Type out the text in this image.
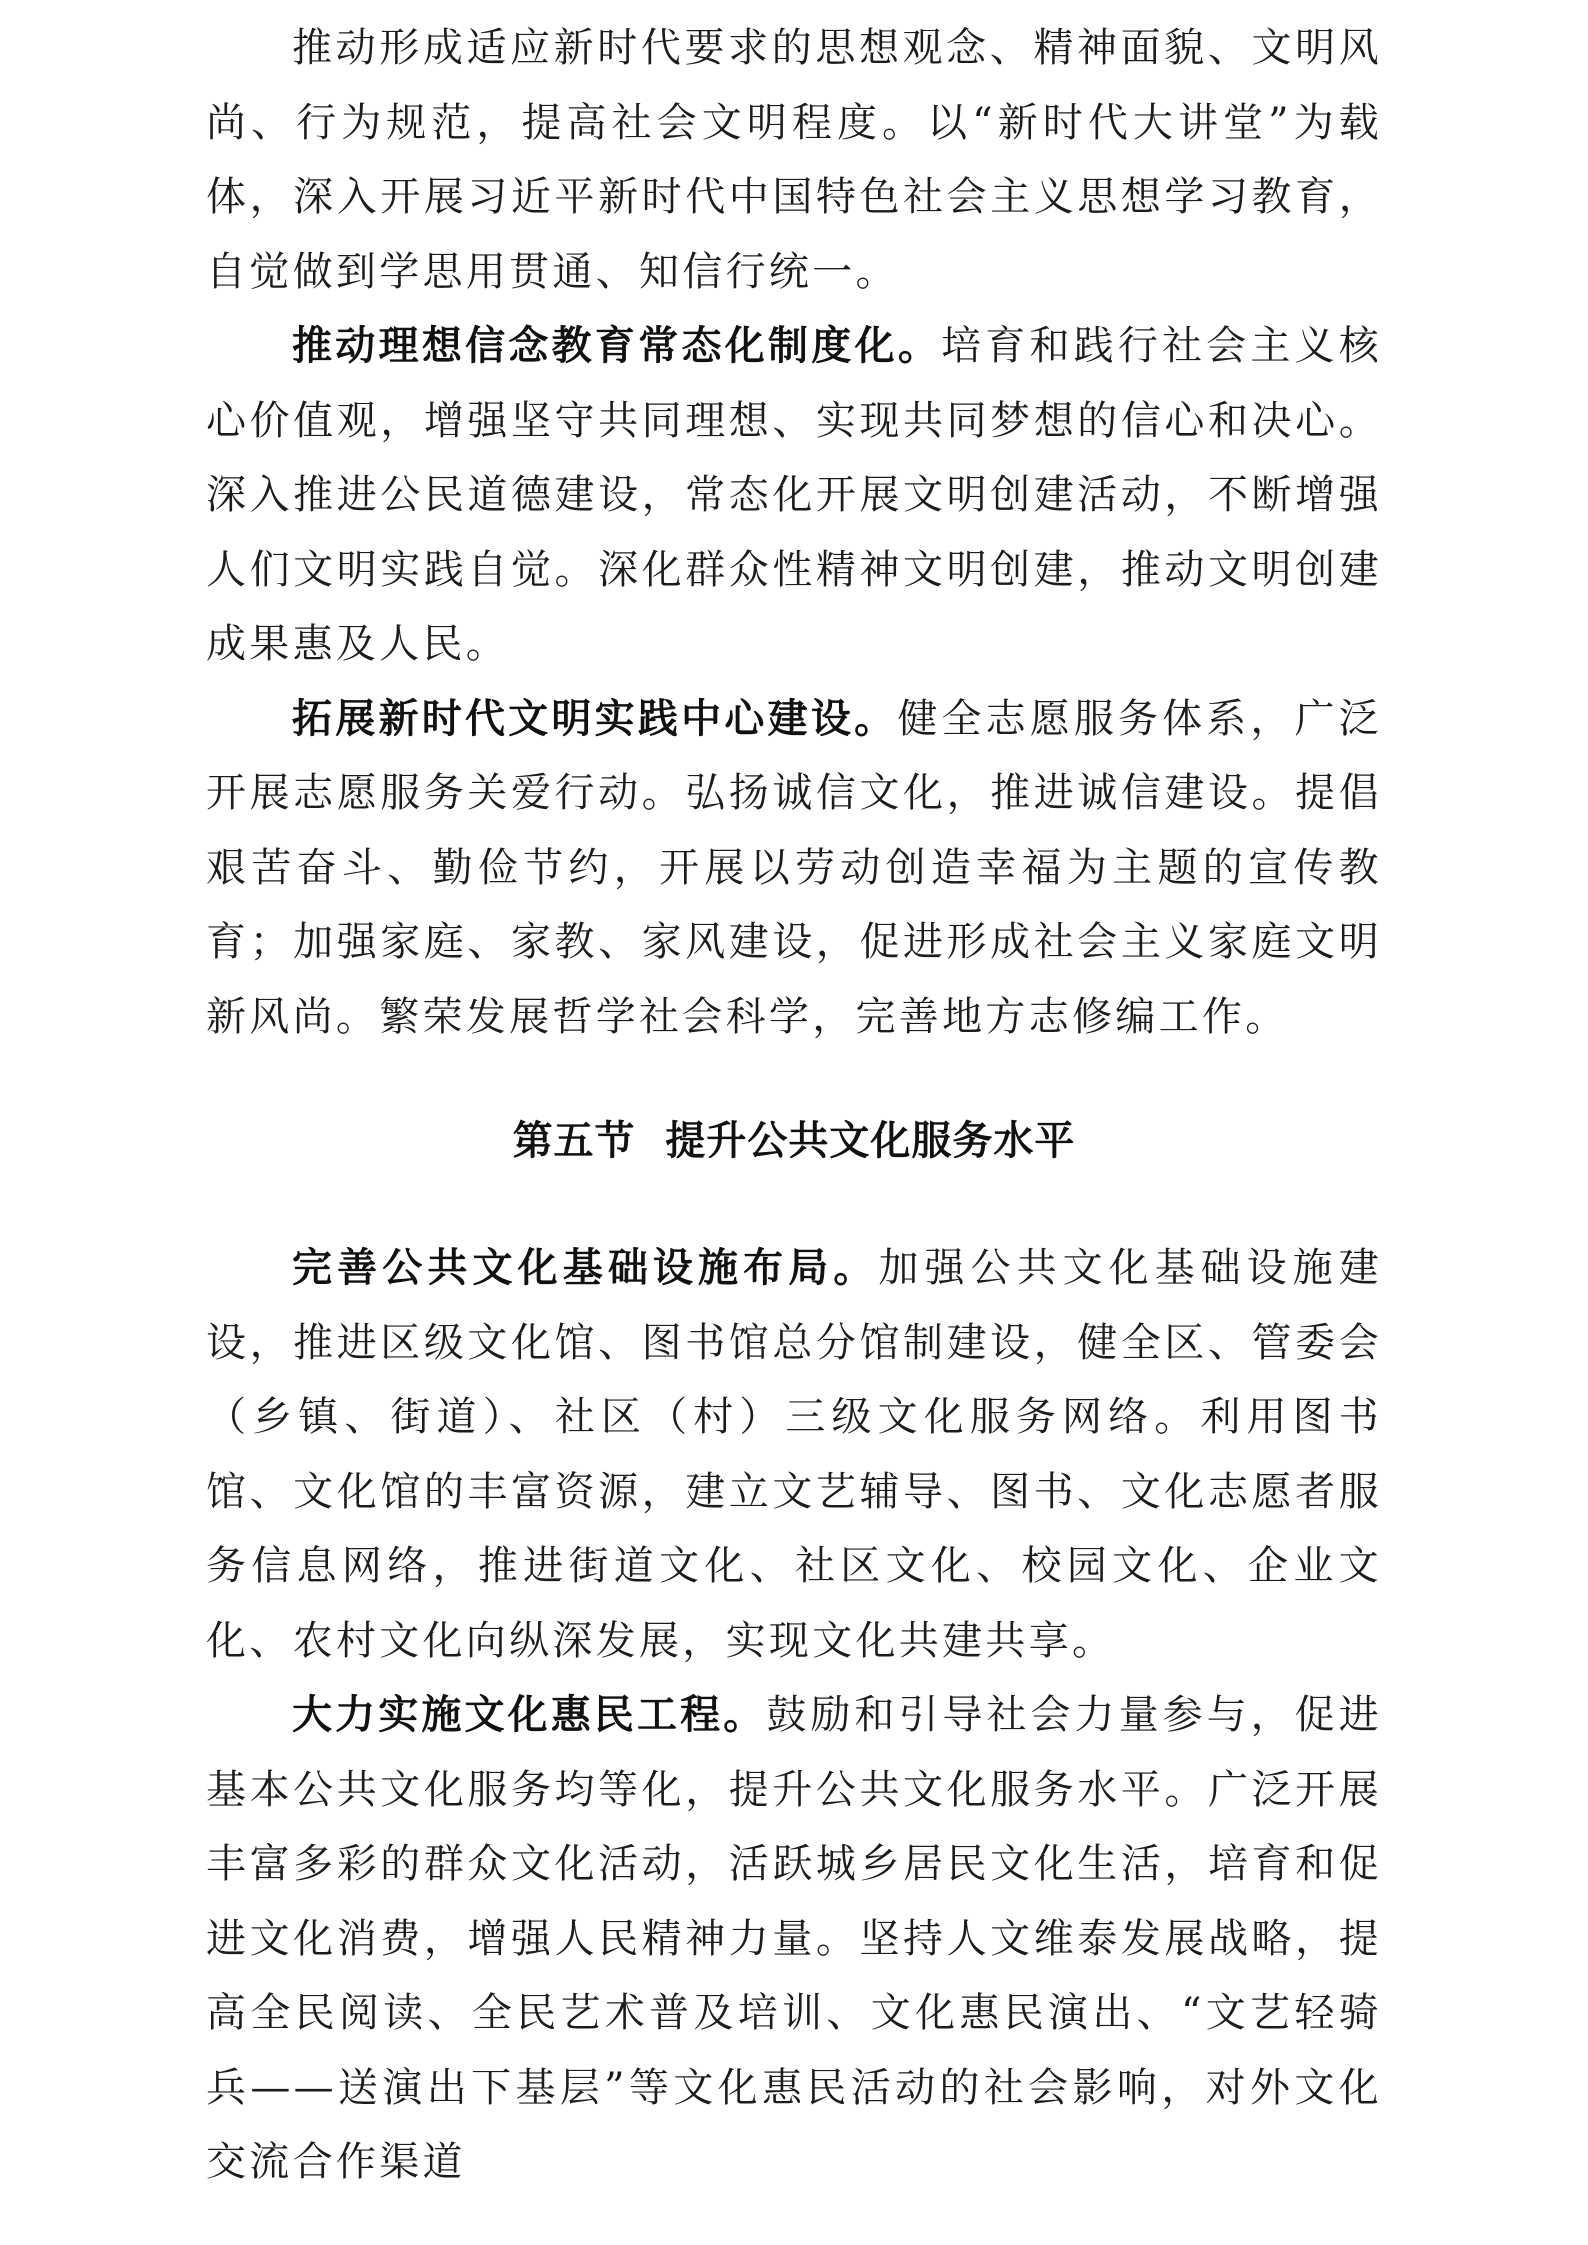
推动形成适应新时代要求的思想观念、精神面貌、文明风尚、行为规范，提高社会文明程度。以“新时代大讲堂”为载体，深入开展习近平新时代中国特色社会主义思想学习教育，自觉做到学思用贯通、知信行统一。

推动理想信念教育常态化制度化。培育和践行社会主义核心价值观，增强坚守共同理想、实现共同梦想的信心和决心。深入推进公民道德建设，常态化开展文明创建活动，不断增强人们文明实践自觉。深化群众性精神文明创建，推动文明创建成果惠及人民。

拓展新时代文明实践中心建设。健全志愿服务体系，广泛开展志愿服务关爱行动。弘扬诚信文化，推进诚信建设。提倡艰苦奋斗、勤俭节约，开展以劳动创造幸福为主题的宣传教育；加强家庭、家教、家风建设，促进形成社会主义家庭文明新风尚。繁荣发展哲学社会科学，完善地方志修编工作。

第五节  提升公共文化服务水平

完善公共文化基础设施布局。加强公共文化基础设施建设，推进区级文化馆、图书馆总分馆制建设，健全区、管委会（乡镇、街道）、社区（村）三级文化服务网络。利用图书馆、文化馆的丰富资源，建立文艺辅导、图书、文化志愿者服务信息网络，推进街道文化、社区文化、校园文化、企业文化、农村文化向纵深发展，实现文化共建共享。

大力实施文化惠民工程。鼓励和引导社会力量参与，促进基本公共文化服务均等化，提升公共文化服务水平。广泛开展丰富多彩的群众文化活动，活跃城乡居民文化生活，培育和促进文化消费，增强人民精神力量。坚持人文维泰发展战略，提高全民阅读、全民艺术普及培训、文化惠民演出、“文艺轻骑兵——送演出下基层”等文化惠民活动的社会影响，对外文化交流合作渠道
